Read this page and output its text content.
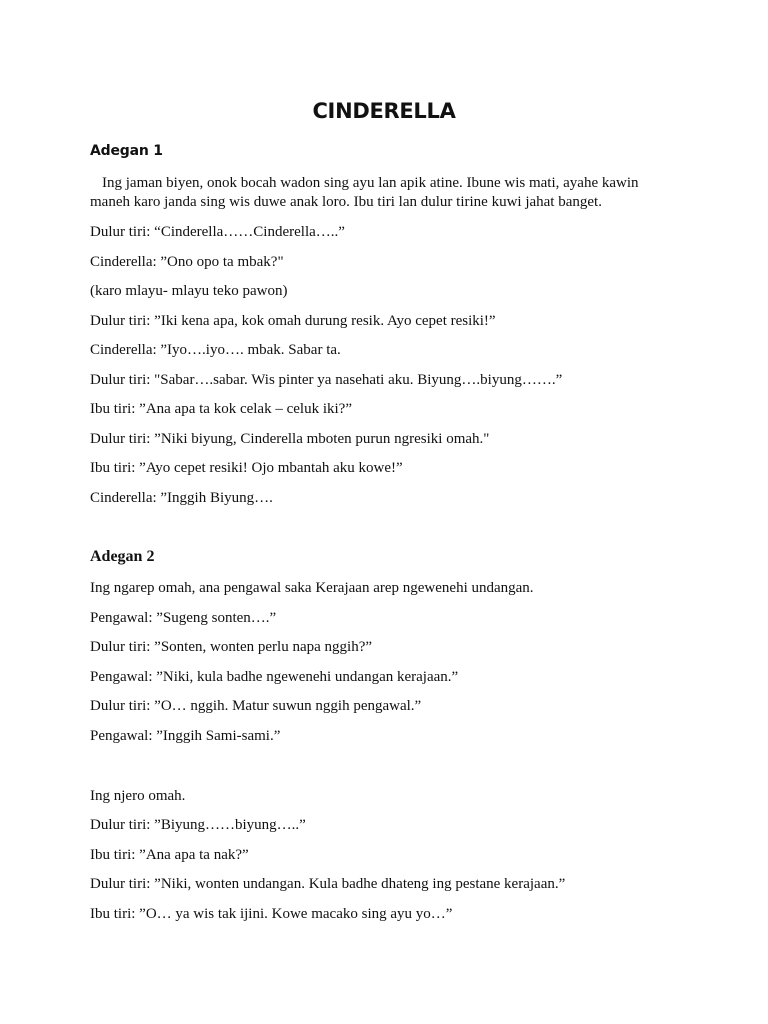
CINDERELLA
Adegan 1
Ing jaman biyen, onok bocah wadon sing ayu lan apik atine. Ibune wis mati, ayahe kawin
maneh karo janda sing wis duwe anak loro. Ibu tiri lan dulur tirine kuwi jahat banget.

Dulur tiri: “Cinderella……Cinderella…..”

Cinderella: ”Ono opo ta mbak?"

(karo mlayu- mlayu teko pawon)

Dulur tiri: ”Iki kena apa, kok omah durung resik. Ayo cepet resiki!”

Cinderella: ”Iyo….iyo…. mbak. Sabar ta.

Dulur tiri: "Sabar….sabar. Wis pinter ya nasehati aku. Biyung….biyung…….”

Ibu tiri: ”Ana apa ta kok celak – celuk iki?”

Dulur tiri: ”Niki biyung, Cinderella mboten purun ngresiki omah."

Ibu tiri: ”Ayo cepet resiki! Ojo mbantah aku kowe!”

Cinderella: ”Inggih Biyung….

Adegan 2

Ing ngarep omah, ana pengawal saka Kerajaan arep ngewenehi undangan.

Pengawal: ”Sugeng sonten….”

Dulur tiri: ”Sonten, wonten perlu napa nggih?”

Pengawal: ”Niki, kula badhe ngewenehi undangan kerajaan.”

Dulur tiri: ”O… nggih. Matur suwun nggih pengawal.”

Pengawal: ”Inggih Sami-sami.”

Ing njero omah.

Dulur tiri: ”Biyung……biyung…..”

Ibu tiri: ”Ana apa ta nak?”

Dulur tiri: ”Niki, wonten undangan. Kula badhe dhateng ing pestane kerajaan.”

Ibu tiri: ”O… ya wis tak ijini. Kowe macako sing ayu yo…”
